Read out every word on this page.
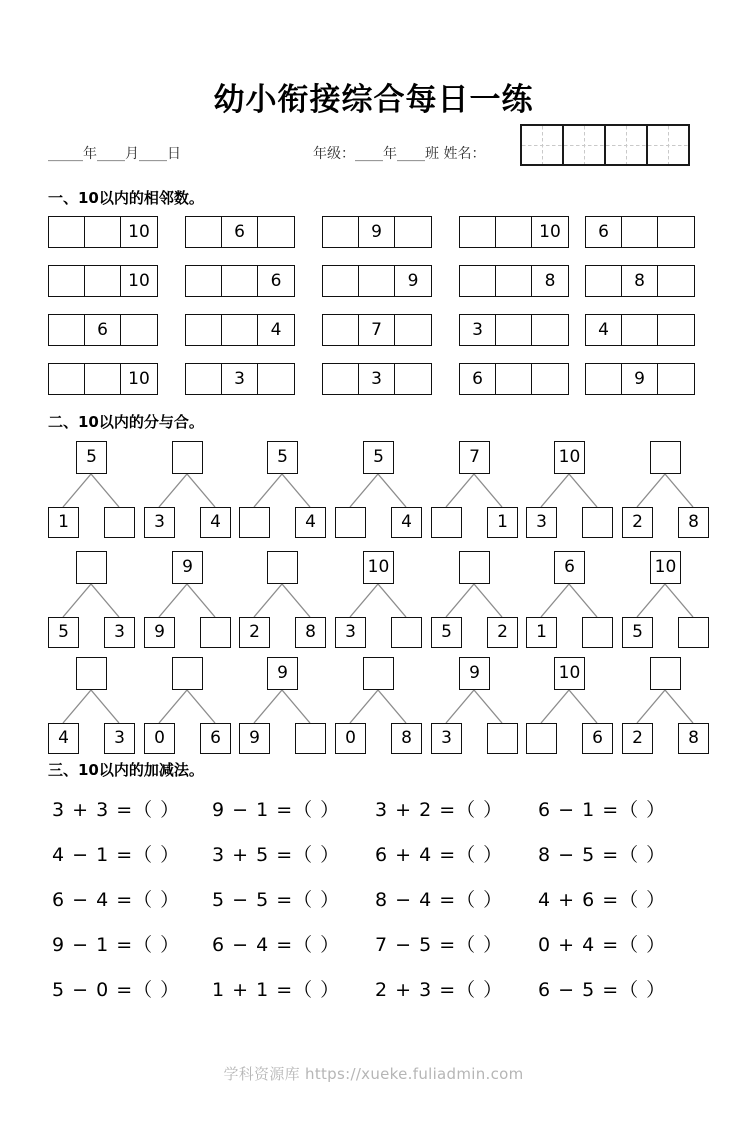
幼小衔接综合每日一练
_____年____月____日	年级：____年____班 姓名：
一、10以内的相邻数。
10	6	9	10	6
10	6	9	8	8
6	4	7	3	4
10	3	3	6	9
二、10以内的分与合。
5
1	3	4
5
4
5
4
7
1
10
3	2	8
5	3
9
9	2	8
10
3	5	2
6
1
10
5
4	3	0	6
9
9	0	8
9
3
10
6	2	8
三、10以内的加减法。
3 + 3 =（ ） 9 − 1 =（ ） 3 + 2 =（ ） 6 − 1 =（ ）
4 − 1 =（ ） 3 + 5 =（ ） 6 + 4 =（ ） 8 − 5 =（ ）
6 − 4 =（ ） 5 − 5 =（ ） 8 − 4 =（ ） 4 + 6 =（ ）
9 − 1 =（ ） 6 − 4 =（ ） 7 − 5 =（ ） 0 + 4 =（ ）
5 − 0 =（ ） 1 + 1 =（ ） 2 + 3 =（ ） 6 − 5 =（ ）
学科资源库 https://xueke.fuliadmin.com
